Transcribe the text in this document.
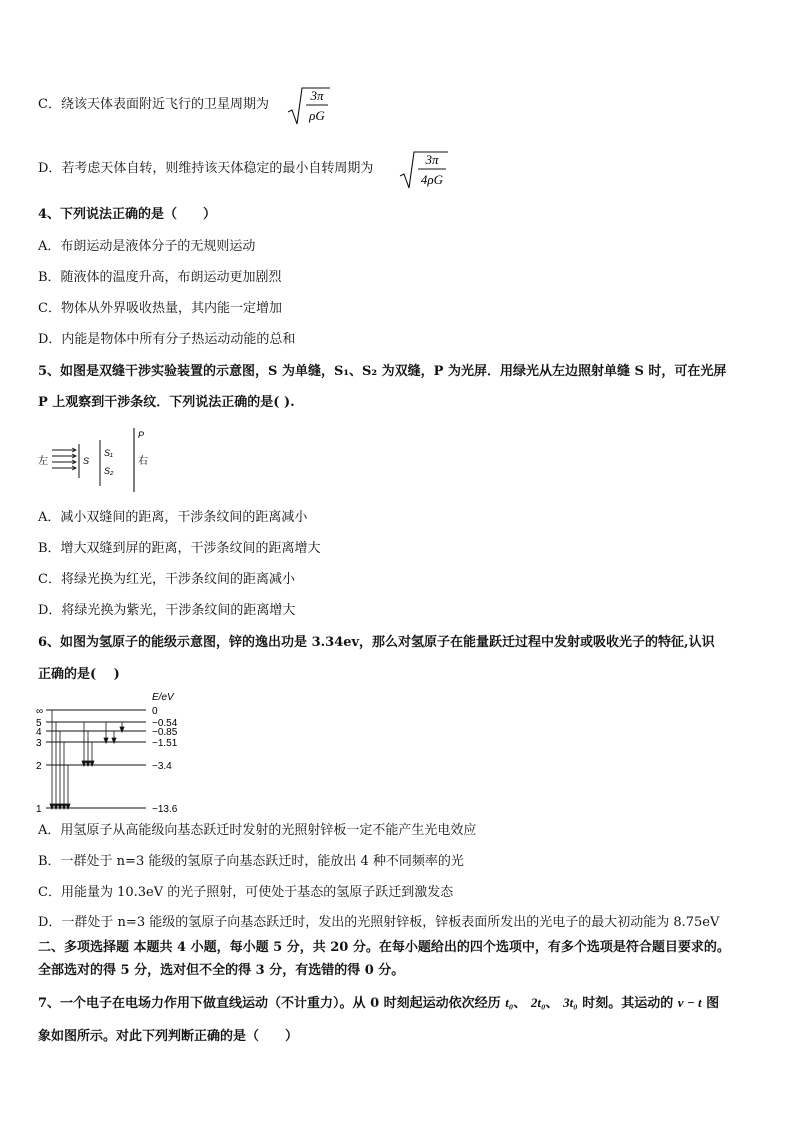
C．绕该天体表面附近飞行的卫星周期为
3π
ρG
D．若考虑天体自转，则维持该天体稳定的最小自转周期为
3π
4ρG
4、下列说法正确的是（　　）
A．布朗运动是液体分子的无规则运动
B．随液体的温度升高，布朗运动更加剧烈
C．物体从外界吸收热量，其内能一定增加
D．内能是物体中所有分子热运动动能的总和
5、如图是双缝干涉实验装置的示意图，S 为单缝，S₁、S₂ 为双缝，P 为光屏．用绿光从左边照射单缝 S 时，可在光屏
P 上观察到干涉条纹．下列说法正确的是( ).
左	S
S₁
S₂
P
右
A．减小双缝间的距离，干涉条纹间的距离减小
B．增大双缝到屏的距离，干涉条纹间的距离增大
C．将绿光换为红光，干涉条纹间的距离减小
D．将绿光换为紫光，干涉条纹间的距离增大
6、如图为氢原子的能级示意图，锌的逸出功是 3.34ev，那么对氢原子在能量跃迁过程中发射或吸收光子的特征,认识
正确的是(　 )
E/eV
∞	0
5	−0.54
4	−0.85
3	−1.51
2	−3.4
1	−13.6
A．用氢原子从高能级向基态跃迁时发射的光照射锌板一定不能产生光电效应
B．一群处于 n=3 能级的氢原子向基态跃迁时，能放出 4 种不同频率的光
C．用能量为 10.3eV 的光子照射，可使处于基态的氢原子跃迁到激发态
D．一群处于 n=3 能级的氢原子向基态跃迁时，发出的光照射锌板，锌板表面所发出的光电子的最大初动能为 8.75eV
二、多项选择题 本题共 4 小题，每小题 5 分，共 20 分。在每小题给出的四个选项中，有多个选项是符合题目要求的。
全部选对的得 5 分，选对但不全的得 3 分，有选错的得 0 分。
7、一个电子在电场力作用下做直线运动（不计重力）。从 0 时刻起运动依次经历 t₀、 2t₀、 3t₀ 时刻。其运动的 v − t 图
象如图所示。对此下列判断正确的是（　　）
